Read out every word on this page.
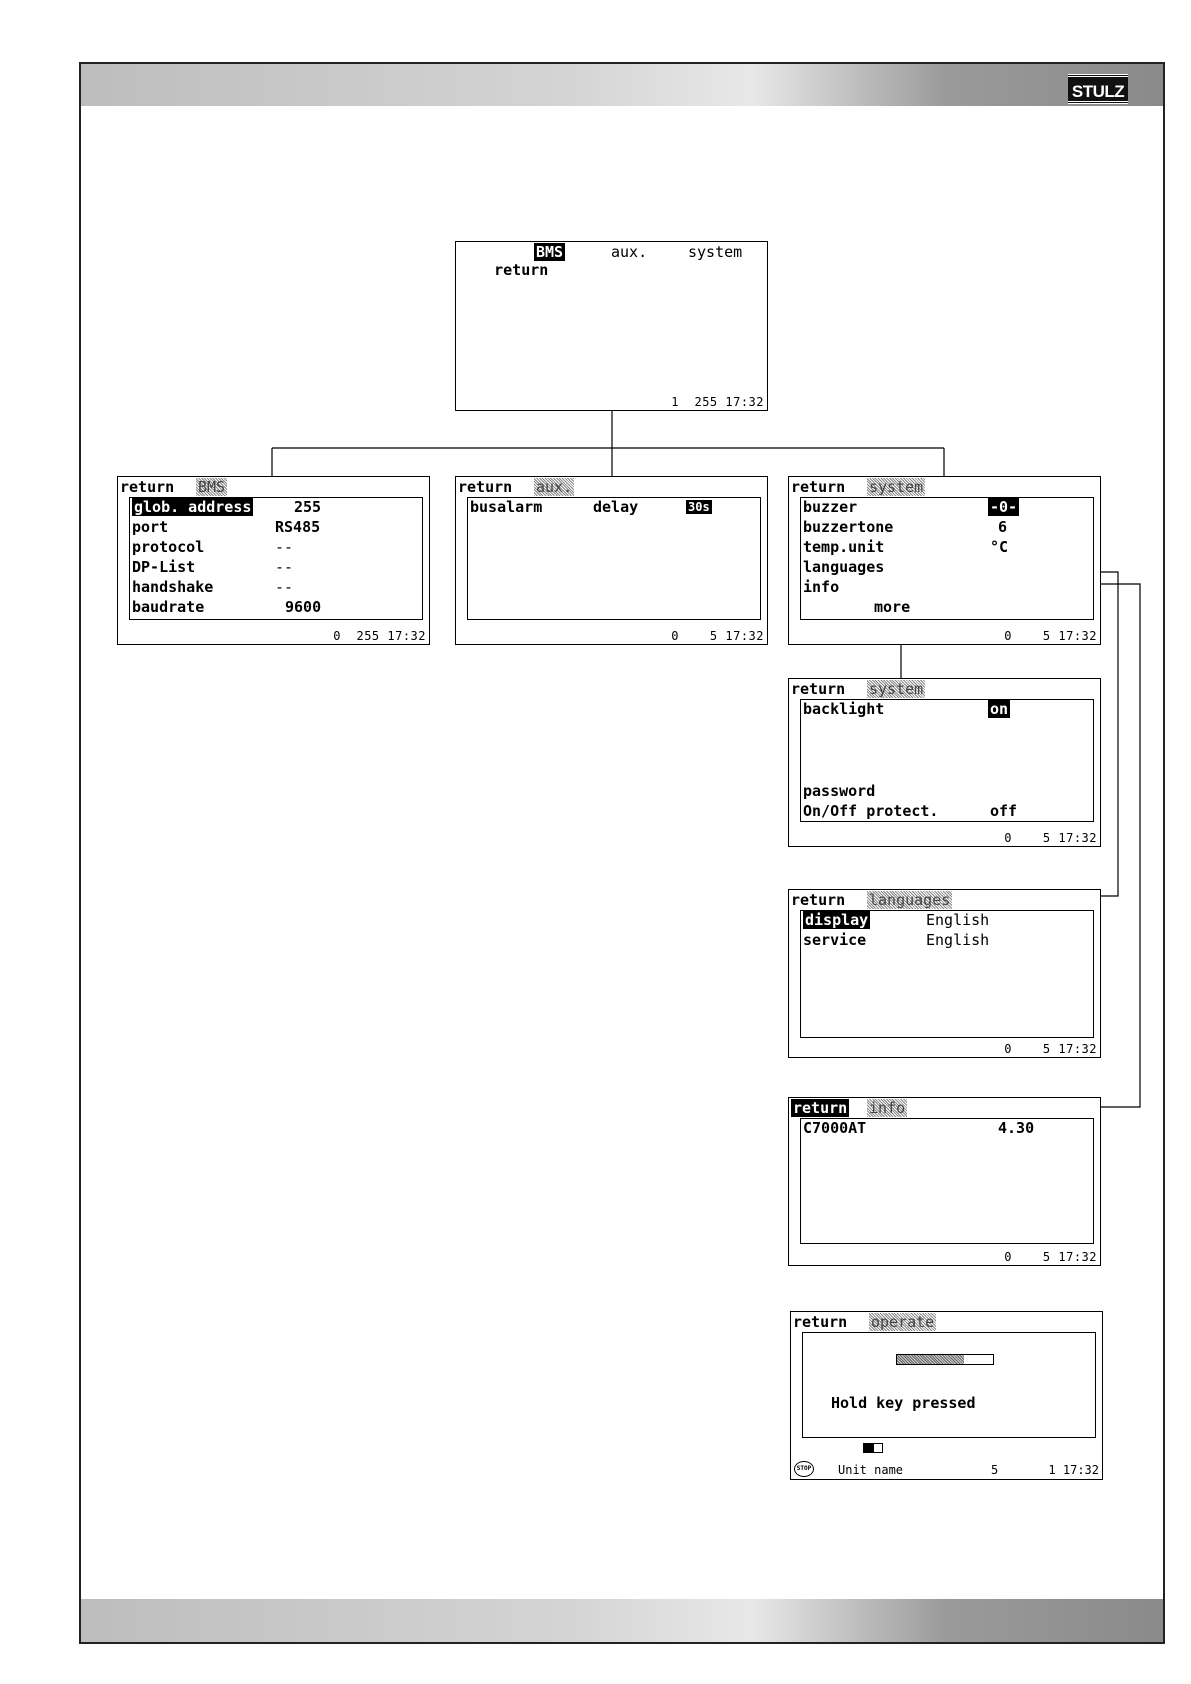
STULZ

return

BMS	aux.	system
1  255 17:32
return BMS
glob. address	255
port	RS485
protocol	--
DP-List	--
handshake	--
baudrate	9600
0  255 17:32
return aux.
busalarm	delay	30s
0    5 17:32
return system
buzzer	-0-
buzzertone	6
temp.unit	°C
languages
info
more
0    5 17:32
return system
backlight	on
password
On/Off protect.	off
0    5 17:32
return languages
display	English
service	English
0    5 17:32
return info
C7000AT	4.30
0    5 17:32
return operate
Hold key pressed
STOP Unit name	5	1 17:32
